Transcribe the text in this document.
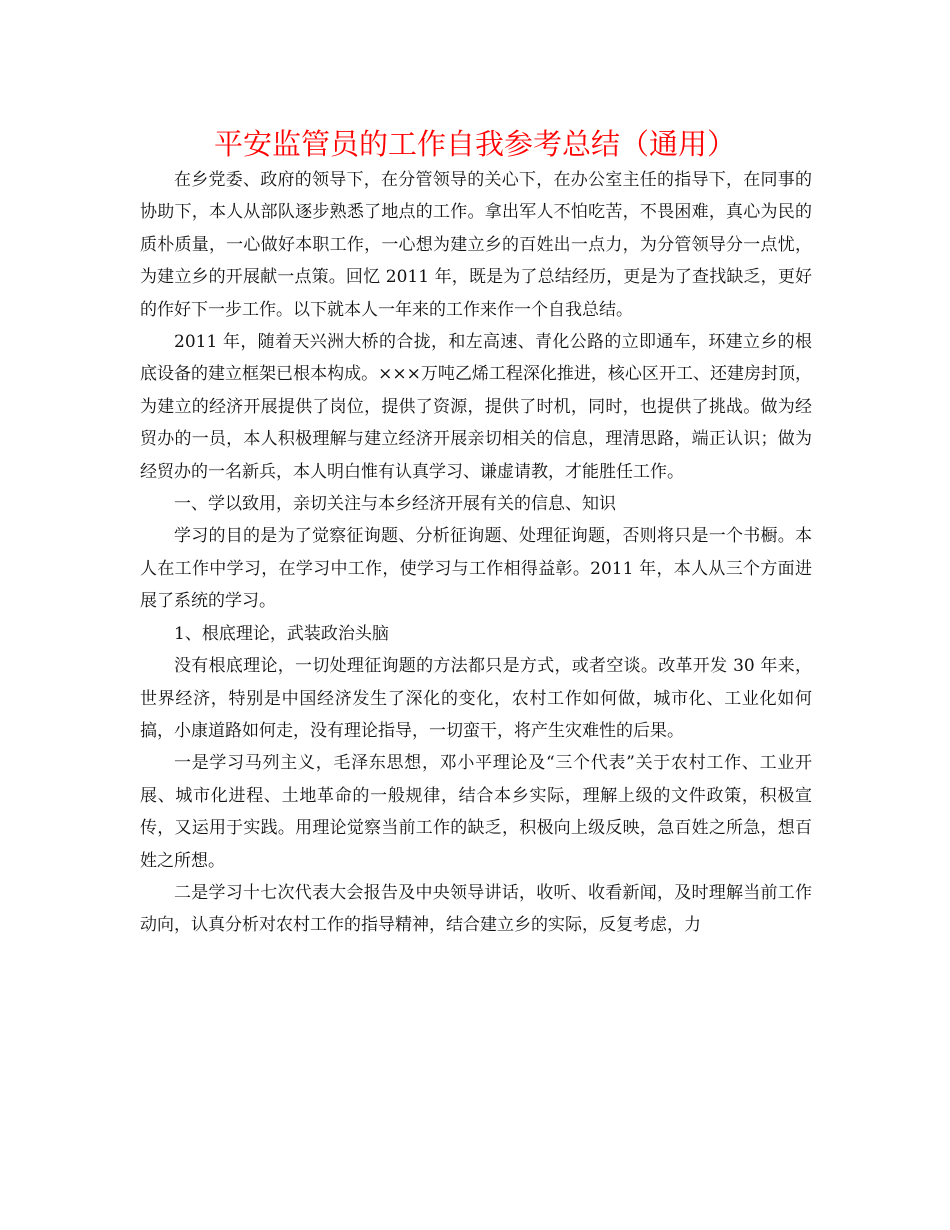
平安监管员的工作自我参考总结（通用）

在乡党委、政府的领导下，在分管领导的关心下，在办公室主任的指导下，在同事的协助下，本人从部队逐步熟悉了地点的工作。拿出军人不怕吃苦，不畏困难，真心为民的质朴质量，一心做好本职工作，一心想为建立乡的百姓出一点力，为分管领导分一点忧，为建立乡的开展献一点策。回忆 2011 年，既是为了总结经历，更是为了查找缺乏，更好的作好下一步工作。以下就本人一年来的工作来作一个自我总结。

2011 年，随着天兴洲大桥的合拢，和左高速、青化公路的立即通车，环建立乡的根底设备的建立框架已根本构成。×××万吨乙烯工程深化推进，核心区开工、还建房封顶，为建立的经济开展提供了岗位，提供了资源，提供了时机，同时，也提供了挑战。做为经贸办的一员，本人积极理解与建立经济开展亲切相关的信息，理清思路，端正认识；做为经贸办的一名新兵，本人明白惟有认真学习、谦虚请教，才能胜任工作。

一、学以致用，亲切关注与本乡经济开展有关的信息、知识

学习的目的是为了觉察征询题、分析征询题、处理征询题，否则将只是一个书橱。本人在工作中学习，在学习中工作，使学习与工作相得益彰。2011 年，本人从三个方面进展了系统的学习。

1、根底理论，武装政治头脑

没有根底理论，一切处理征询题的方法都只是方式，或者空谈。改革开发 30 年来，世界经济，特别是中国经济发生了深化的变化，农村工作如何做，城市化、工业化如何搞，小康道路如何走，没有理论指导，一切蛮干，将产生灾难性的后果。

一是学习马列主义，毛泽东思想，邓小平理论及“三个代表”关于农村工作、工业开展、城市化进程、土地革命的一般规律，结合本乡实际，理解上级的文件政策，积极宣传，又运用于实践。用理论觉察当前工作的缺乏，积极向上级反映，急百姓之所急，想百姓之所想。

二是学习十七次代表大会报告及中央领导讲话，收听、收看新闻，及时理解当前工作动向，认真分析对农村工作的指导精神，结合建立乡的实际，反复考虑，力
